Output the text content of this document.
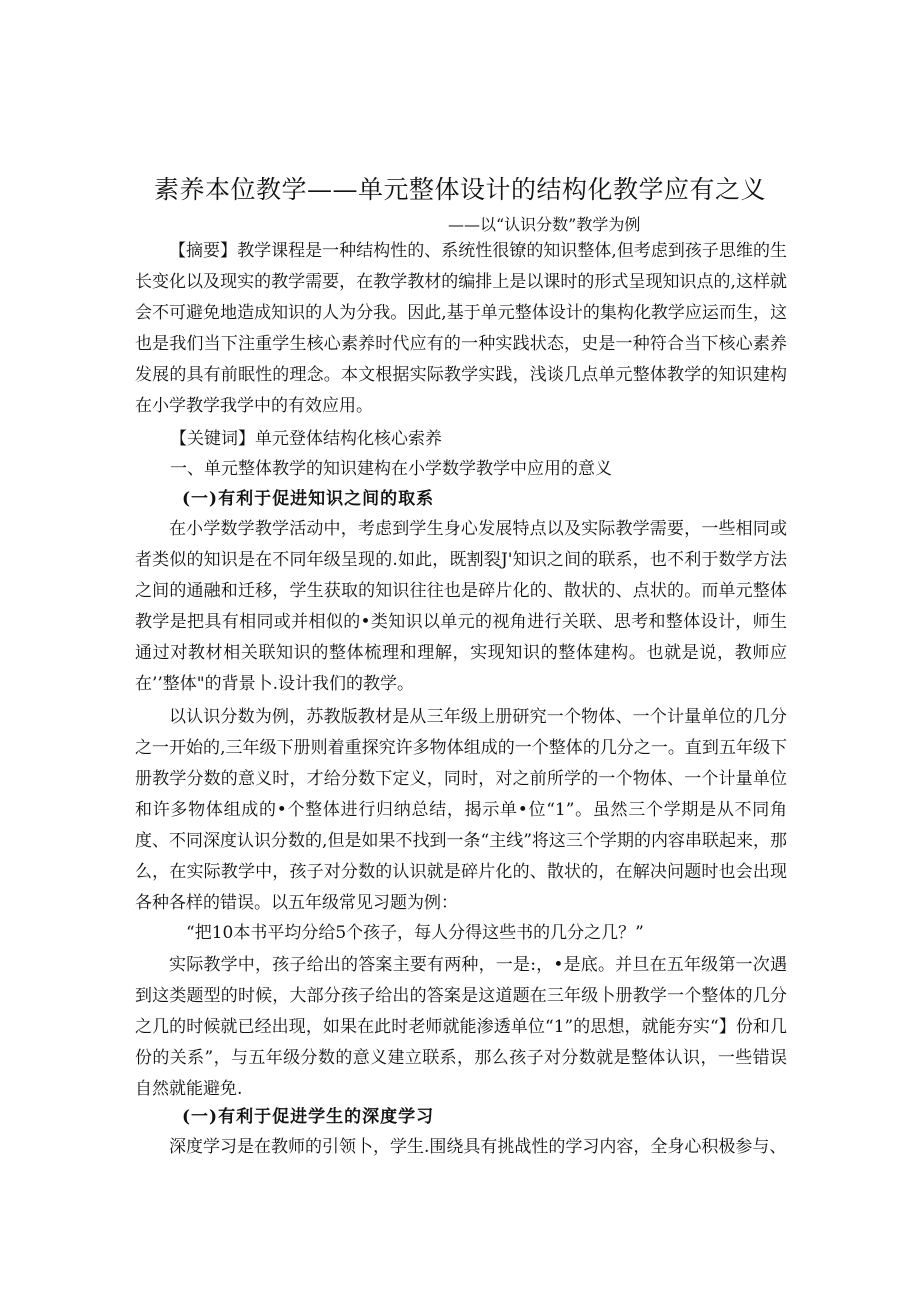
素养本位教学——单元整体设计的结构化教学应有之义

——以“认识分数”教学为例

【摘要】教学课程是一种结构性的、系统性很镣的知识整体,但考虑到孩子思维的生长变化以及现实的教学需要，在教学教材的编排上是以课时的形式呈现知识点的,这样就会不可避免地造成知识的人为分我。因此,基于单元整体设计的集构化教学应运而生，这也是我们当下注重学生核心素养时代应有的一种实践状态，史是一种符合当下核心素养发展的具有前眠性的理念。本文根据实际教学实践，浅谈几点单元整体教学的知识建构在小学教学我学中的有效应用。

【关键词】单元登体结构化核心索养

一、单元整体教学的知识建构在小学数学教学中应用的意义

(一)有利于促进知识之间的取系

在小学数学教学活动中，考虑到学生身心发展特点以及实际教学需要，一些相同或者类似的知识是在不同年级呈现的.如此，既割裂J'知识之间的联系，也不利于数学方法之间的通融和迁移，学生获取的知识往往也是碎片化的、散状的、点状的。而单元整体教学是把具有相同或并相似的•类知识以单元的视角进行关联、思考和整体设计，师生通过对教材相关联知识的整体梳理和理解，实现知识的整体建构。也就是说，教师应在’’整体"的背景卜.设计我们的教学。

以认识分数为例，苏教版教材是从三年级上册研究一个物体、一个计量单位的几分之一开始的,三年级下册则着重探究许多物体组成的一个整体的几分之一。直到五年级下册教学分数的意义时，才给分数下定义，同时，对之前所学的一个物体、一个计量单位和许多物体组成的•个整体进行归纳总结，揭示单•位“1”。虽然三个学期是从不同角度、不同深度认识分数的,但是如果不找到一条“主线”将这三个学期的内容串联起来，那么，在实际教学中，孩子对分数的认识就是碎片化的、散状的，在解决问题时也会出现各种各样的错误。以五年级常见习题为例：

“把10本书平均分给5个孩子，每人分得这些书的几分之几？”

实际教学中，孩子给出的答案主要有两种，一是:，•是底。并旦在五年级第一次遇到这类题型的时候，大部分孩子给出的答案是这道题在三年级卜册教学一个整体的几分之几的时候就已经出现，如果在此时老师就能渗透单位“1”的思想，就能夯实“】份和几份的关系”，与五年级分数的意义建立联系，那么孩子对分数就是整体认识，一些错误自然就能避免.

(一)有利于促进学生的深度学习

深度学习是在教师的引领卜，学生.围绕具有挑战性的学习内容，全身心积极参与、
